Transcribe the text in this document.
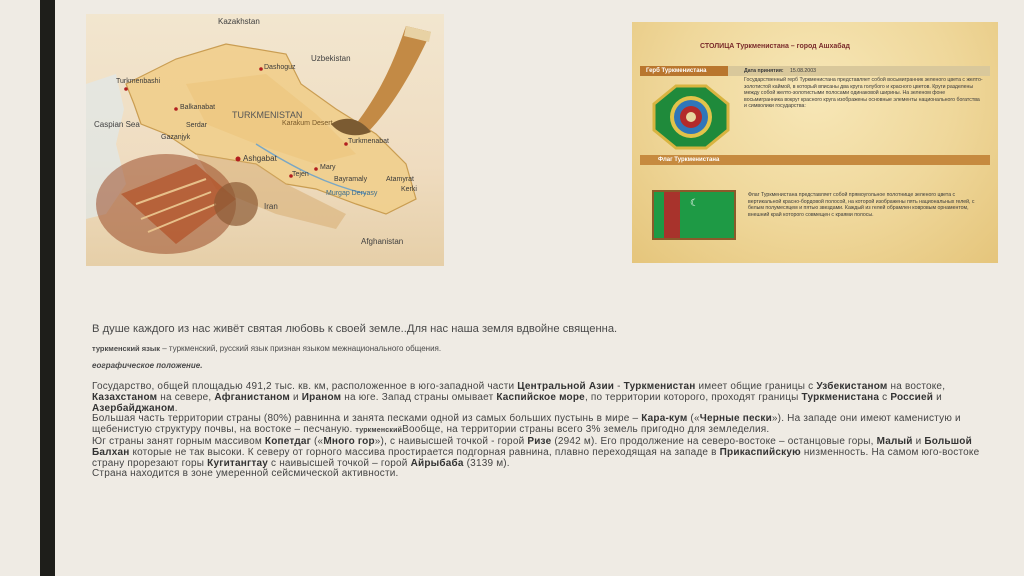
Kazakhstan
Uzbekistan
TURKMENISTAN
Caspian Sea
Iran
Afghanistan
Ashgabat
Dashoguz
Balkanabat
Turkmenbashi
Mary
Tejen
Serdar
Gazanjyk
Turkmenabat
Atamyrat
Bayramaly
Kerki
Murgap Deryasy
Karakum Desert
СТОЛИЦА Туркменистана – город Ашхабад
Герб Туркменистана	Дата принятия: 15.08.2003
Государственный герб Туркменистана представляет собой восьмигранник зеленого цвета с желто-золотистой каймой, в который вписаны два круга голубого и красного цветов. Круги разделены между собой желто-золотистыми полосами одинаковой ширины. На зеленом фоне восьмигранника вокруг красного круга изображены основные элементы национального богатства и символики государства:
Флаг Туркменистана
☾
Флаг Туркменистана представляет собой прямоугольное полотнище зеленого цвета с вертикальной красно-бордовой полосой, на которой изображены пять национальных гелей, с белым полумесяцем и пятью звездами. Каждый из гелей обрамлен ковровым орнаментом, внешний край которого совмещен с краями полосы.

В душе каждого из нас живёт святая любовь к своей земле..Для нас наша земля вдвойне священна.

туркменский язык – туркменский, русский язык признан языком межнационального общения.

еографическое положение.

Государство, общей площадью 491,2 тыс. кв. км, расположенное в юго-западной части Центральной Азии - Туркменистан имеет общие границы с Узбекистаном на востоке, Казахстаном на севере, Афганистаном и Ираном на юге. Запад страны омывает Каспийское море, по территории которого, проходят границы Туркменистана с Россией и Азербайджаном.
Большая часть территории страны (80%) равнинна и занята песками одной из самых больших пустынь в мире – Кара-кум («Черные пески»). На западе они имеют каменистую и щебенистую структуру почвы, на востоке – песчаную. туркменскийВообще, на территории страны всего 3% земель пригодно для земледелия.
Юг страны занят горным массивом Копетдаг («Много гор»), с наивысшей точкой - горой Ризе (2942 м). Его продолжение на северо-востоке – останцовые горы, Малый и Большой Балхан которые не так высоки. К северу от горного массива простирается подгорная равнина, плавно переходящая на западе в Прикаспийскую низменность. На самом юго-востоке страну прорезают горы Кугитангтау с наивысшей точкой – горой Айрыбаба (3139 м).
Страна находится в зоне умеренной сейсмической активности.
